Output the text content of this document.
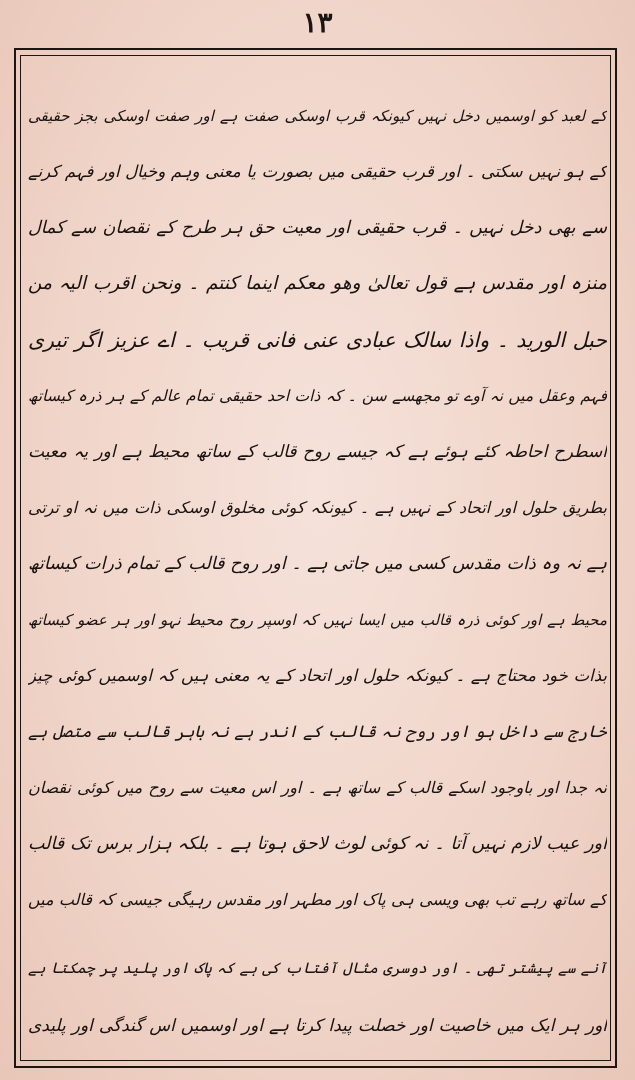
۱۳
کے لعبد کو اوسمیں دخل نہیں کیونکہ قرب اوسکی صفت ہے اور صفت اوسکی بجز حقیقی
کے ہو نہیں سکتی ۔ اور قرب حقیقی میں بصورت یا معنی وہم وخیال اور فہم کرنے
سے بھی دخل نہیں ۔ قرب حقیقی اور معیت حق ہر طرح کے نقصان سے کمال
منزہ اور مقدس ہے قول تعالیٰ وھو معکم اینما کنتم ۔ ونحن اقرب الیہ من
حبل الورید ۔ واذا سالک عبادی عنی فانی قریب ۔ اے عزیز اگر تیری
فہم وعقل میں نہ آوے تو مجھسے سن ۔ کہ ذات احد حقیقی تمام عالم کے ہر ذرہ کیساتھ
اسطرح احاطہ کئے ہوئے ہے کہ جیسے روح قالب کے ساتھ محیط ہے اور یہ معیت
بطریق حلول اور اتحاد کے نہیں ہے ۔ کیونکہ کوئی مخلوق اوسکی ذات میں نہ او ترتی
ہے نہ وہ ذات مقدس کسی میں جاتی ہے ۔ اور روح قالب کے تمام ذرات کیساتھ
محیط ہے اور کوئی ذرہ قالب میں ایسا نہیں کہ اوسپر روح محیط نہو اور ہر عضو کیساتھ
بذات خود محتاج ہے ۔ کیونکہ حلول اور اتحاد کے یہ معنی ہیں کہ اوسمیں کوئی چیز
خارج سے داخل ہو اور روح نہ قالب کے اندر ہے نہ باہر قالب سے متصل ہے
نہ جدا اور باوجود اسکے قالب کے ساتھ ہے ۔ اور اس معیت سے روح میں کوئی نقصان
اور عیب لازم نہیں آتا ۔ نہ کوئی لوث لاحق ہوتا ہے ۔ بلکہ ہزار برس تک قالب
کے ساتھ رہے تب بھی ویسی ہی پاک اور مطہر اور مقدس رہیگی جیسی کہ قالب میں
آنے سے پیشتر تھی ۔ اور دوسری مثال آفتاب کی ہے کہ پاک اور پلید پر چمکتا ہے
اور ہر ایک میں خاصیت اور خصلت پیدا کرتا ہے اور اوسمیں اس گندگی اور پلیدی
